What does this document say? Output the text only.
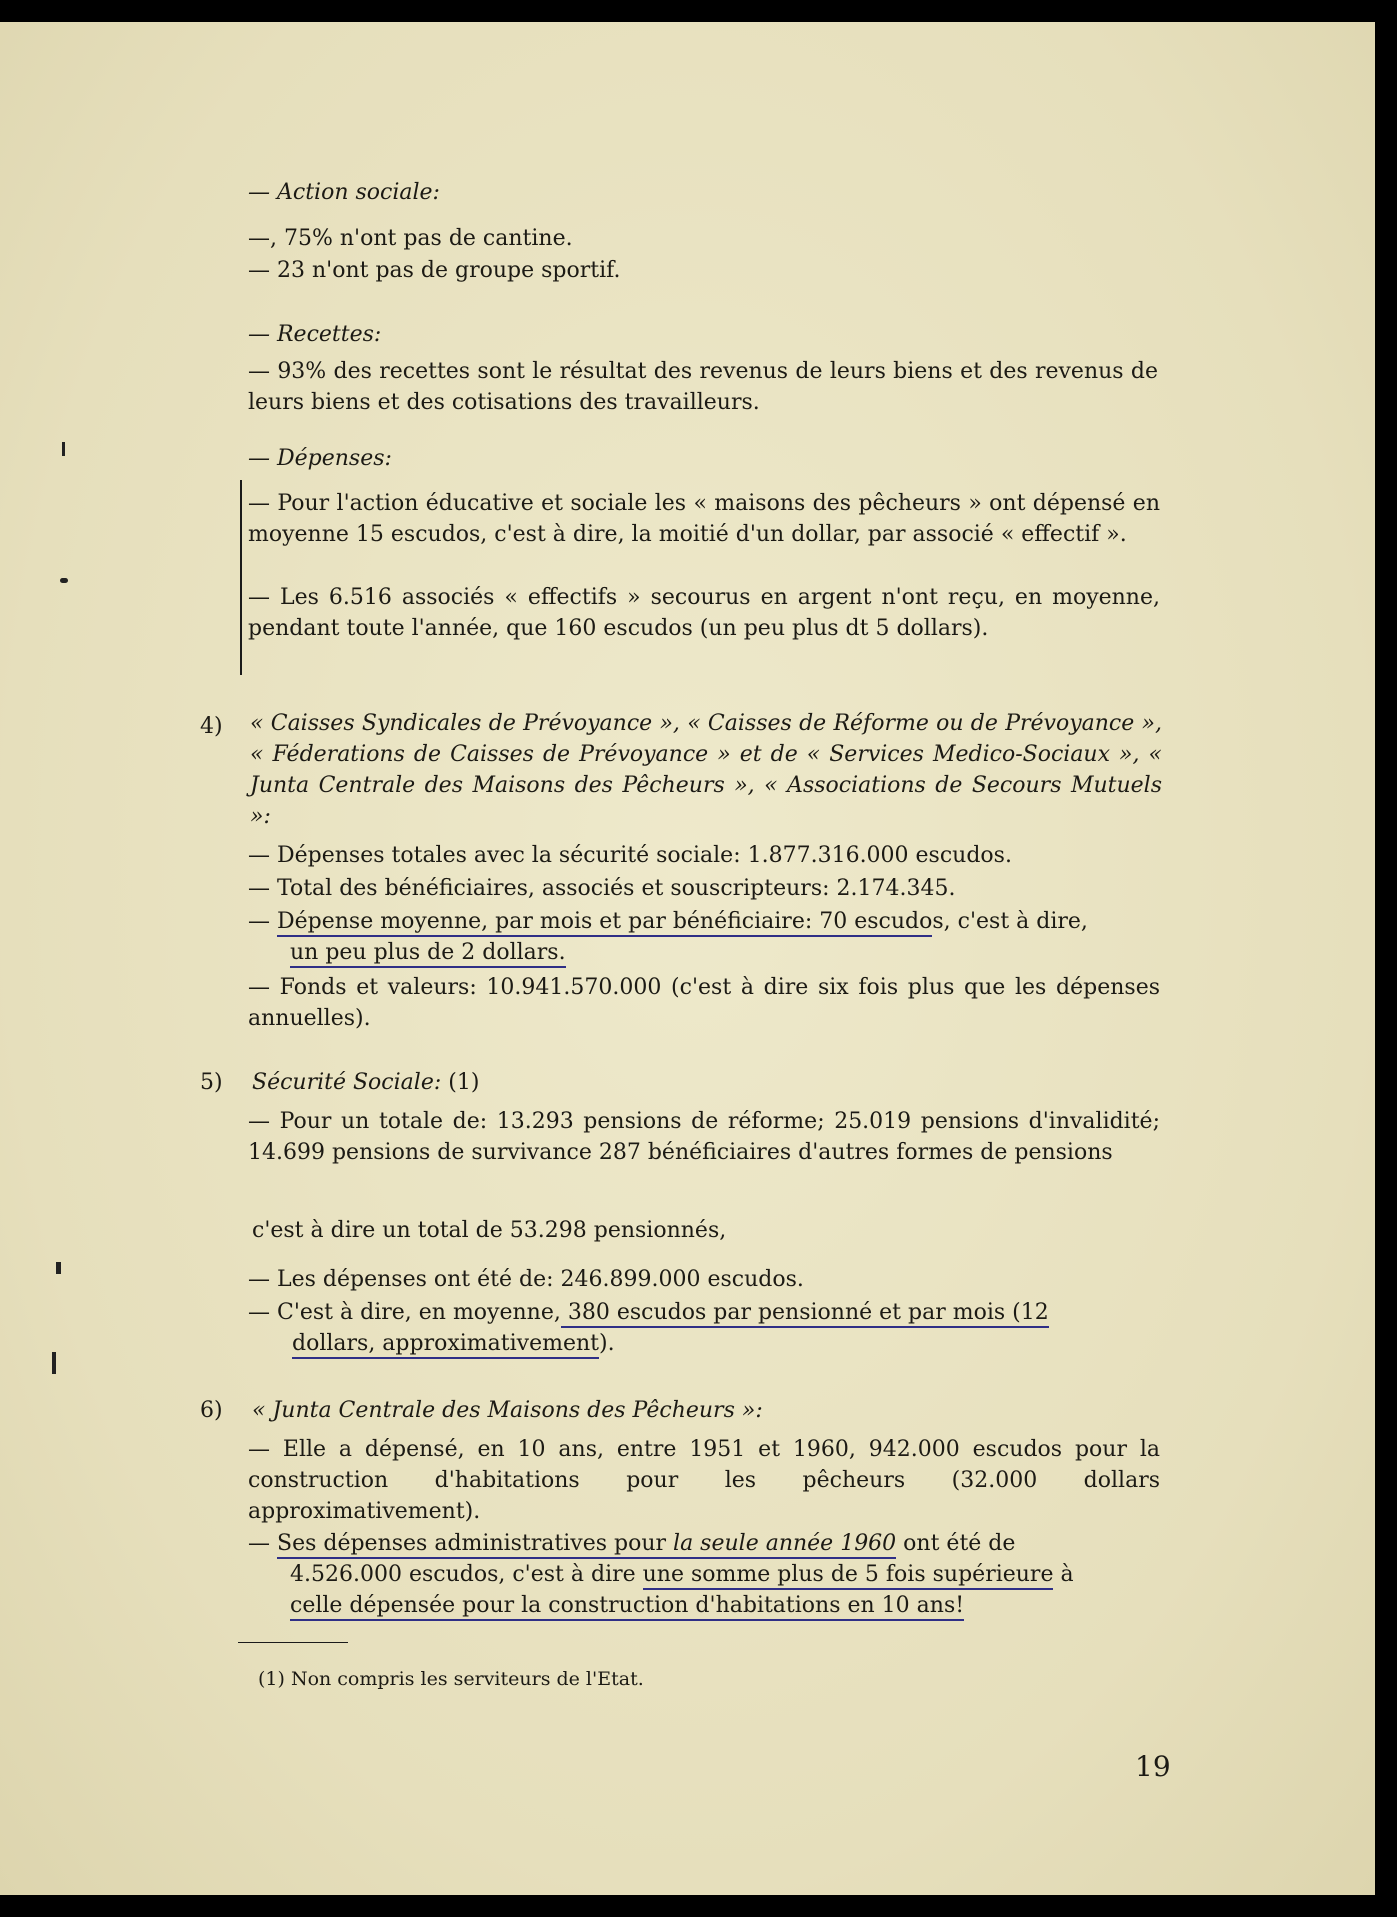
— Action sociale:

—, 75% n'ont pas de cantine.

— 23 n'ont pas de groupe sportif.

— Recettes:

— 93% des recettes sont le résultat des revenus de leurs biens et des revenus de leurs biens et des cotisations des travailleurs.

— Dépenses:

— Pour l'action éducative et sociale les « maisons des pêcheurs » ont dépensé en moyenne 15 escudos, c'est à dire, la moitié d'un dollar, par associé « effectif ».

— Les 6.516 associés « effectifs » secourus en argent n'ont reçu, en moyenne, pendant toute l'année, que 160 escudos (un peu plus dt 5 dollars).

4) « Caisses Syndicales de Prévoyance », « Caisses de Réforme ou de Prévoyance », « Féderations de Caisses de Prévoyance » et de « Services Medico-Sociaux », « Junta Centrale des Maisons des Pêcheurs », « Associations de Secours Mutuels »:

— Dépenses totales avec la sécurité sociale: 1.877.316.000 escudos.

— Total des bénéficiaires, associés et souscripteurs: 2.174.345.

— Dépense moyenne, par mois et par bénéficiaire: 70 escudos, c'est à dire,

un peu plus de 2 dollars.

— Fonds et valeurs: 10.941.570.000 (c'est à dire six fois plus que les dépenses annuelles).

5) Sécurité Sociale: (1)

— Pour un totale de: 13.293 pensions de réforme; 25.019 pensions d'invalidité; 14.699 pensions de survivance 287 bénéficiaires d'autres formes de pensions

c'est à dire un total de 53.298 pensionnés,

— Les dépenses ont été de: 246.899.000 escudos.

— C'est à dire, en moyenne, 380 escudos par pensionné et par mois (12

dollars, approximativement).

6) « Junta Centrale des Maisons des Pêcheurs »:

— Elle a dépensé, en 10 ans, entre 1951 et 1960, 942.000 escudos pour la construction d'habitations pour les pêcheurs (32.000 dollars approximativement).

— Ses dépenses administratives pour la seule année 1960 ont été de

4.526.000 escudos, c'est à dire une somme plus de 5 fois supérieure à

celle dépensée pour la construction d'habitations en 10 ans!

(1) Non compris les serviteurs de l'Etat.

19
